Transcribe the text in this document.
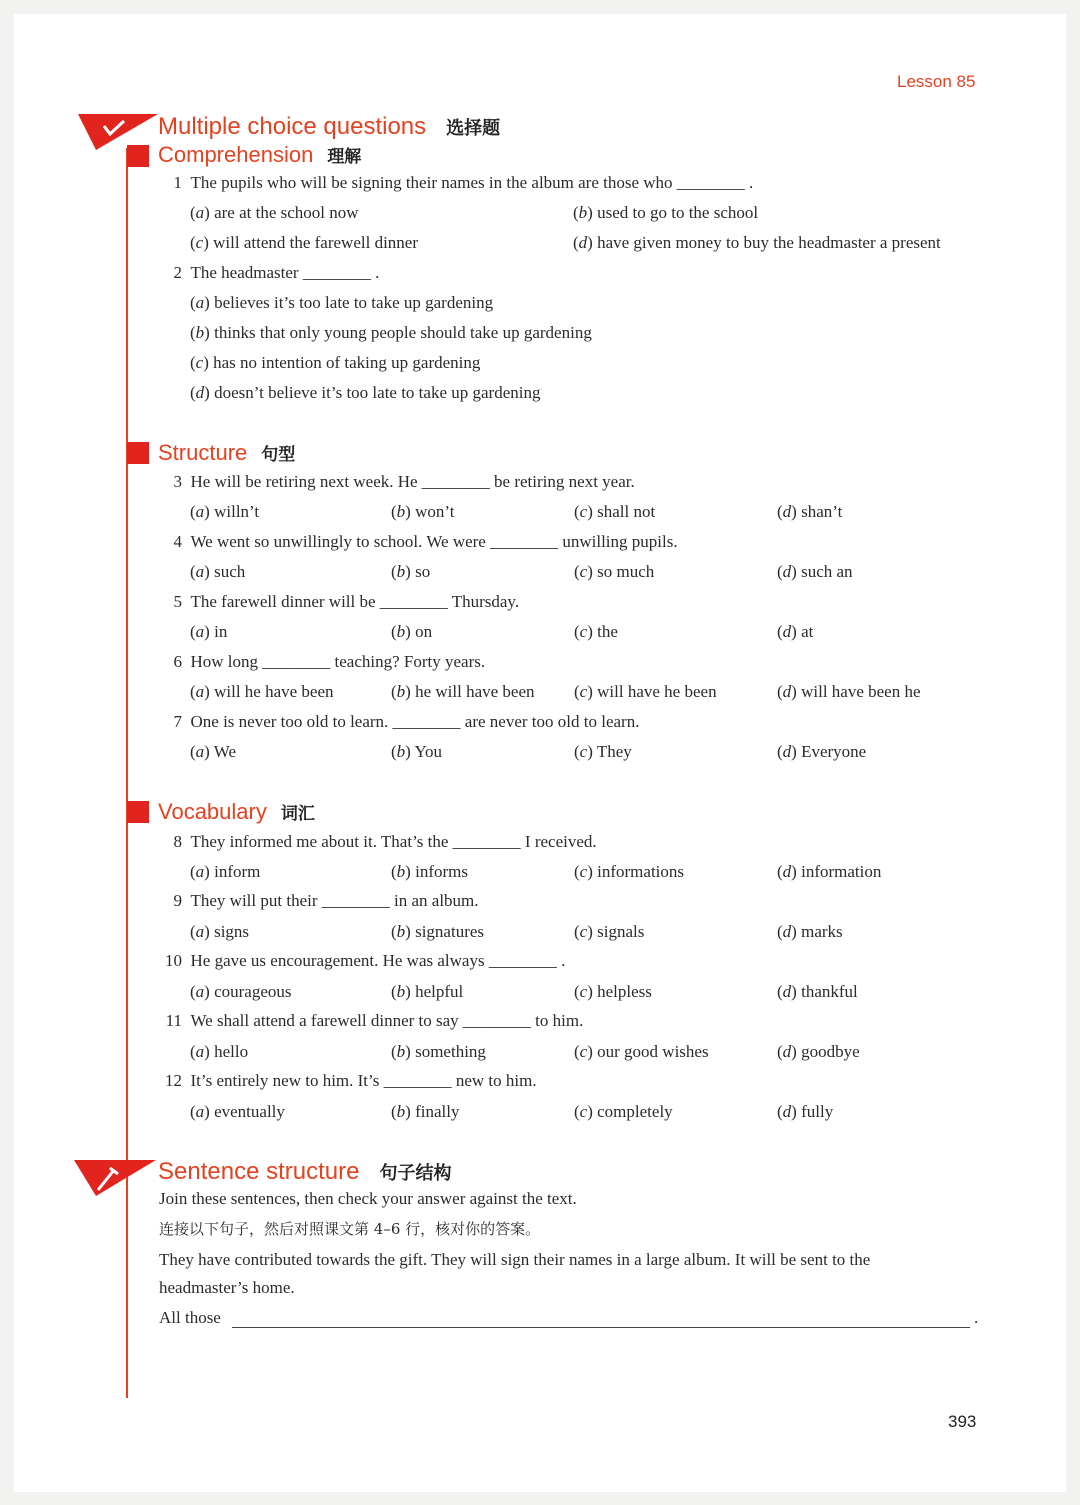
Lesson 85
Multiple choice questions 选择题
Comprehension 理解
1 The pupils who will be signing their names in the album are those who ________ .
(a) are at the school now	(b) used to go to the school
(c) will attend the farewell dinner	(d) have given money to buy the headmaster a present
2 The headmaster ________ .
(a) believes it’s too late to take up gardening
(b) thinks that only young people should take up gardening
(c) has no intention of taking up gardening
(d) doesn’t believe it’s too late to take up gardening
Structure 句型
3 He will be retiring next week. He ________ be retiring next year.
(a) willn’t	(b) won’t	(c) shall not	(d) shan’t
4 We went so unwillingly to school. We were ________ unwilling pupils.
(a) such	(b) so	(c) so much	(d) such an
5 The farewell dinner will be ________ Thursday.
(a) in	(b) on	(c) the	(d) at
6 How long ________ teaching? Forty years.
(a) will he have been	(b) he will have been (c) will have he been	(d) will have been he
7 One is never too old to learn. ________ are never too old to learn.
(a) We	(b) You	(c) They	(d) Everyone
Vocabulary 词汇
8 They informed me about it. That’s the ________ I received.
(a) inform	(b) informs	(c) informations	(d) information
9 They will put their ________ in an album.
(a) signs	(b) signatures	(c) signals	(d) marks
10 He gave us encouragement. He was always ________ .
(a) courageous	(b) helpful	(c) helpless	(d) thankful
11 We shall attend a farewell dinner to say ________ to him.
(a) hello	(b) something	(c) our good wishes	(d) goodbye
12 It’s entirely new to him. It’s ________ new to him.
(a) eventually	(b) finally	(c) completely	(d) fully
Sentence structure 句子结构
Join these sentences, then check your answer against the text.
连接以下句子，然后对照课文第 4–6 行，核对你的答案。
They have contributed towards the gift. They will sign their names in a large album. It will be sent to the
headmaster’s home.
All those	.
393
